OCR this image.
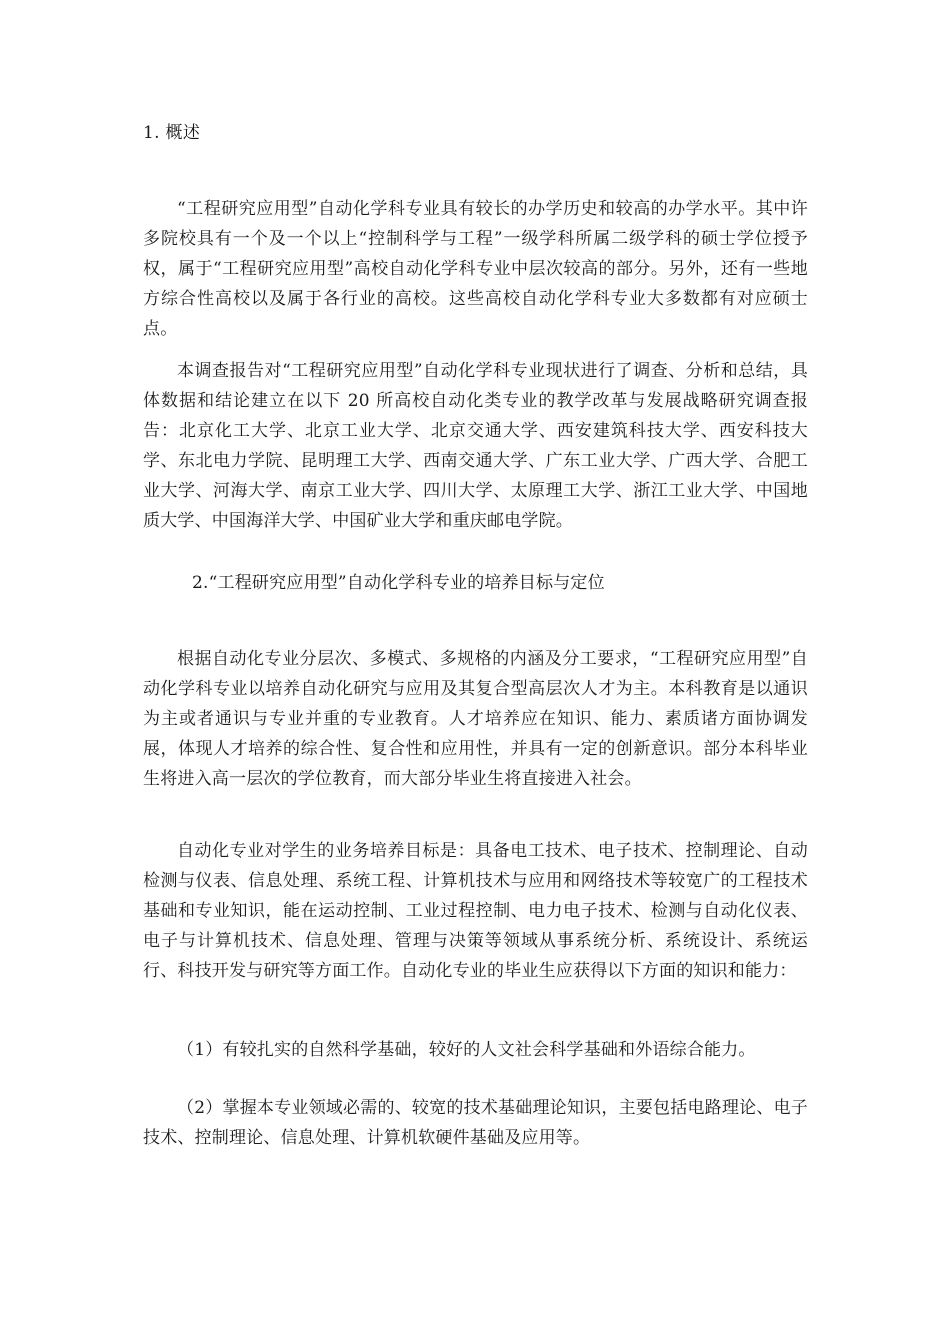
1. 概述

“工程研究应用型”自动化学科专业具有较长的办学历史和较高的办学水平。其中许多院校具有一个及一个以上“控制科学与工程”一级学科所属二级学科的硕士学位授予权，属于“工程研究应用型”高校自动化学科专业中层次较高的部分。另外，还有一些地方综合性高校以及属于各行业的高校。这些高校自动化学科专业大多数都有对应硕士点。

本调查报告对“工程研究应用型”自动化学科专业现状进行了调查、分析和总结，具体数据和结论建立在以下 20 所高校自动化类专业的教学改革与发展战略研究调查报告：北京化工大学、北京工业大学、北京交通大学、西安建筑科技大学、西安科技大学、东北电力学院、昆明理工大学、西南交通大学、广东工业大学、广西大学、合肥工业大学、河海大学、南京工业大学、四川大学、太原理工大学、浙江工业大学、中国地质大学、中国海洋大学、中国矿业大学和重庆邮电学院。

2.“工程研究应用型”自动化学科专业的培养目标与定位

根据自动化专业分层次、多模式、多规格的内涵及分工要求，“工程研究应用型”自动化学科专业以培养自动化研究与应用及其复合型高层次人才为主。本科教育是以通识为主或者通识与专业并重的专业教育。人才培养应在知识、能力、素质诸方面协调发展，体现人才培养的综合性、复合性和应用性，并具有一定的创新意识。部分本科毕业生将进入高一层次的学位教育，而大部分毕业生将直接进入社会。

自动化专业对学生的业务培养目标是：具备电工技术、电子技术、控制理论、自动检测与仪表、信息处理、系统工程、计算机技术与应用和网络技术等较宽广的工程技术基础和专业知识，能在运动控制、工业过程控制、电力电子技术、检测与自动化仪表、电子与计算机技术、信息处理、管理与决策等领域从事系统分析、系统设计、系统运行、科技开发与研究等方面工作。自动化专业的毕业生应获得以下方面的知识和能力：

（1）有较扎实的自然科学基础，较好的人文社会科学基础和外语综合能力。

（2）掌握本专业领域必需的、较宽的技术基础理论知识，主要包括电路理论、电子技术、控制理论、信息处理、计算机软硬件基础及应用等。
